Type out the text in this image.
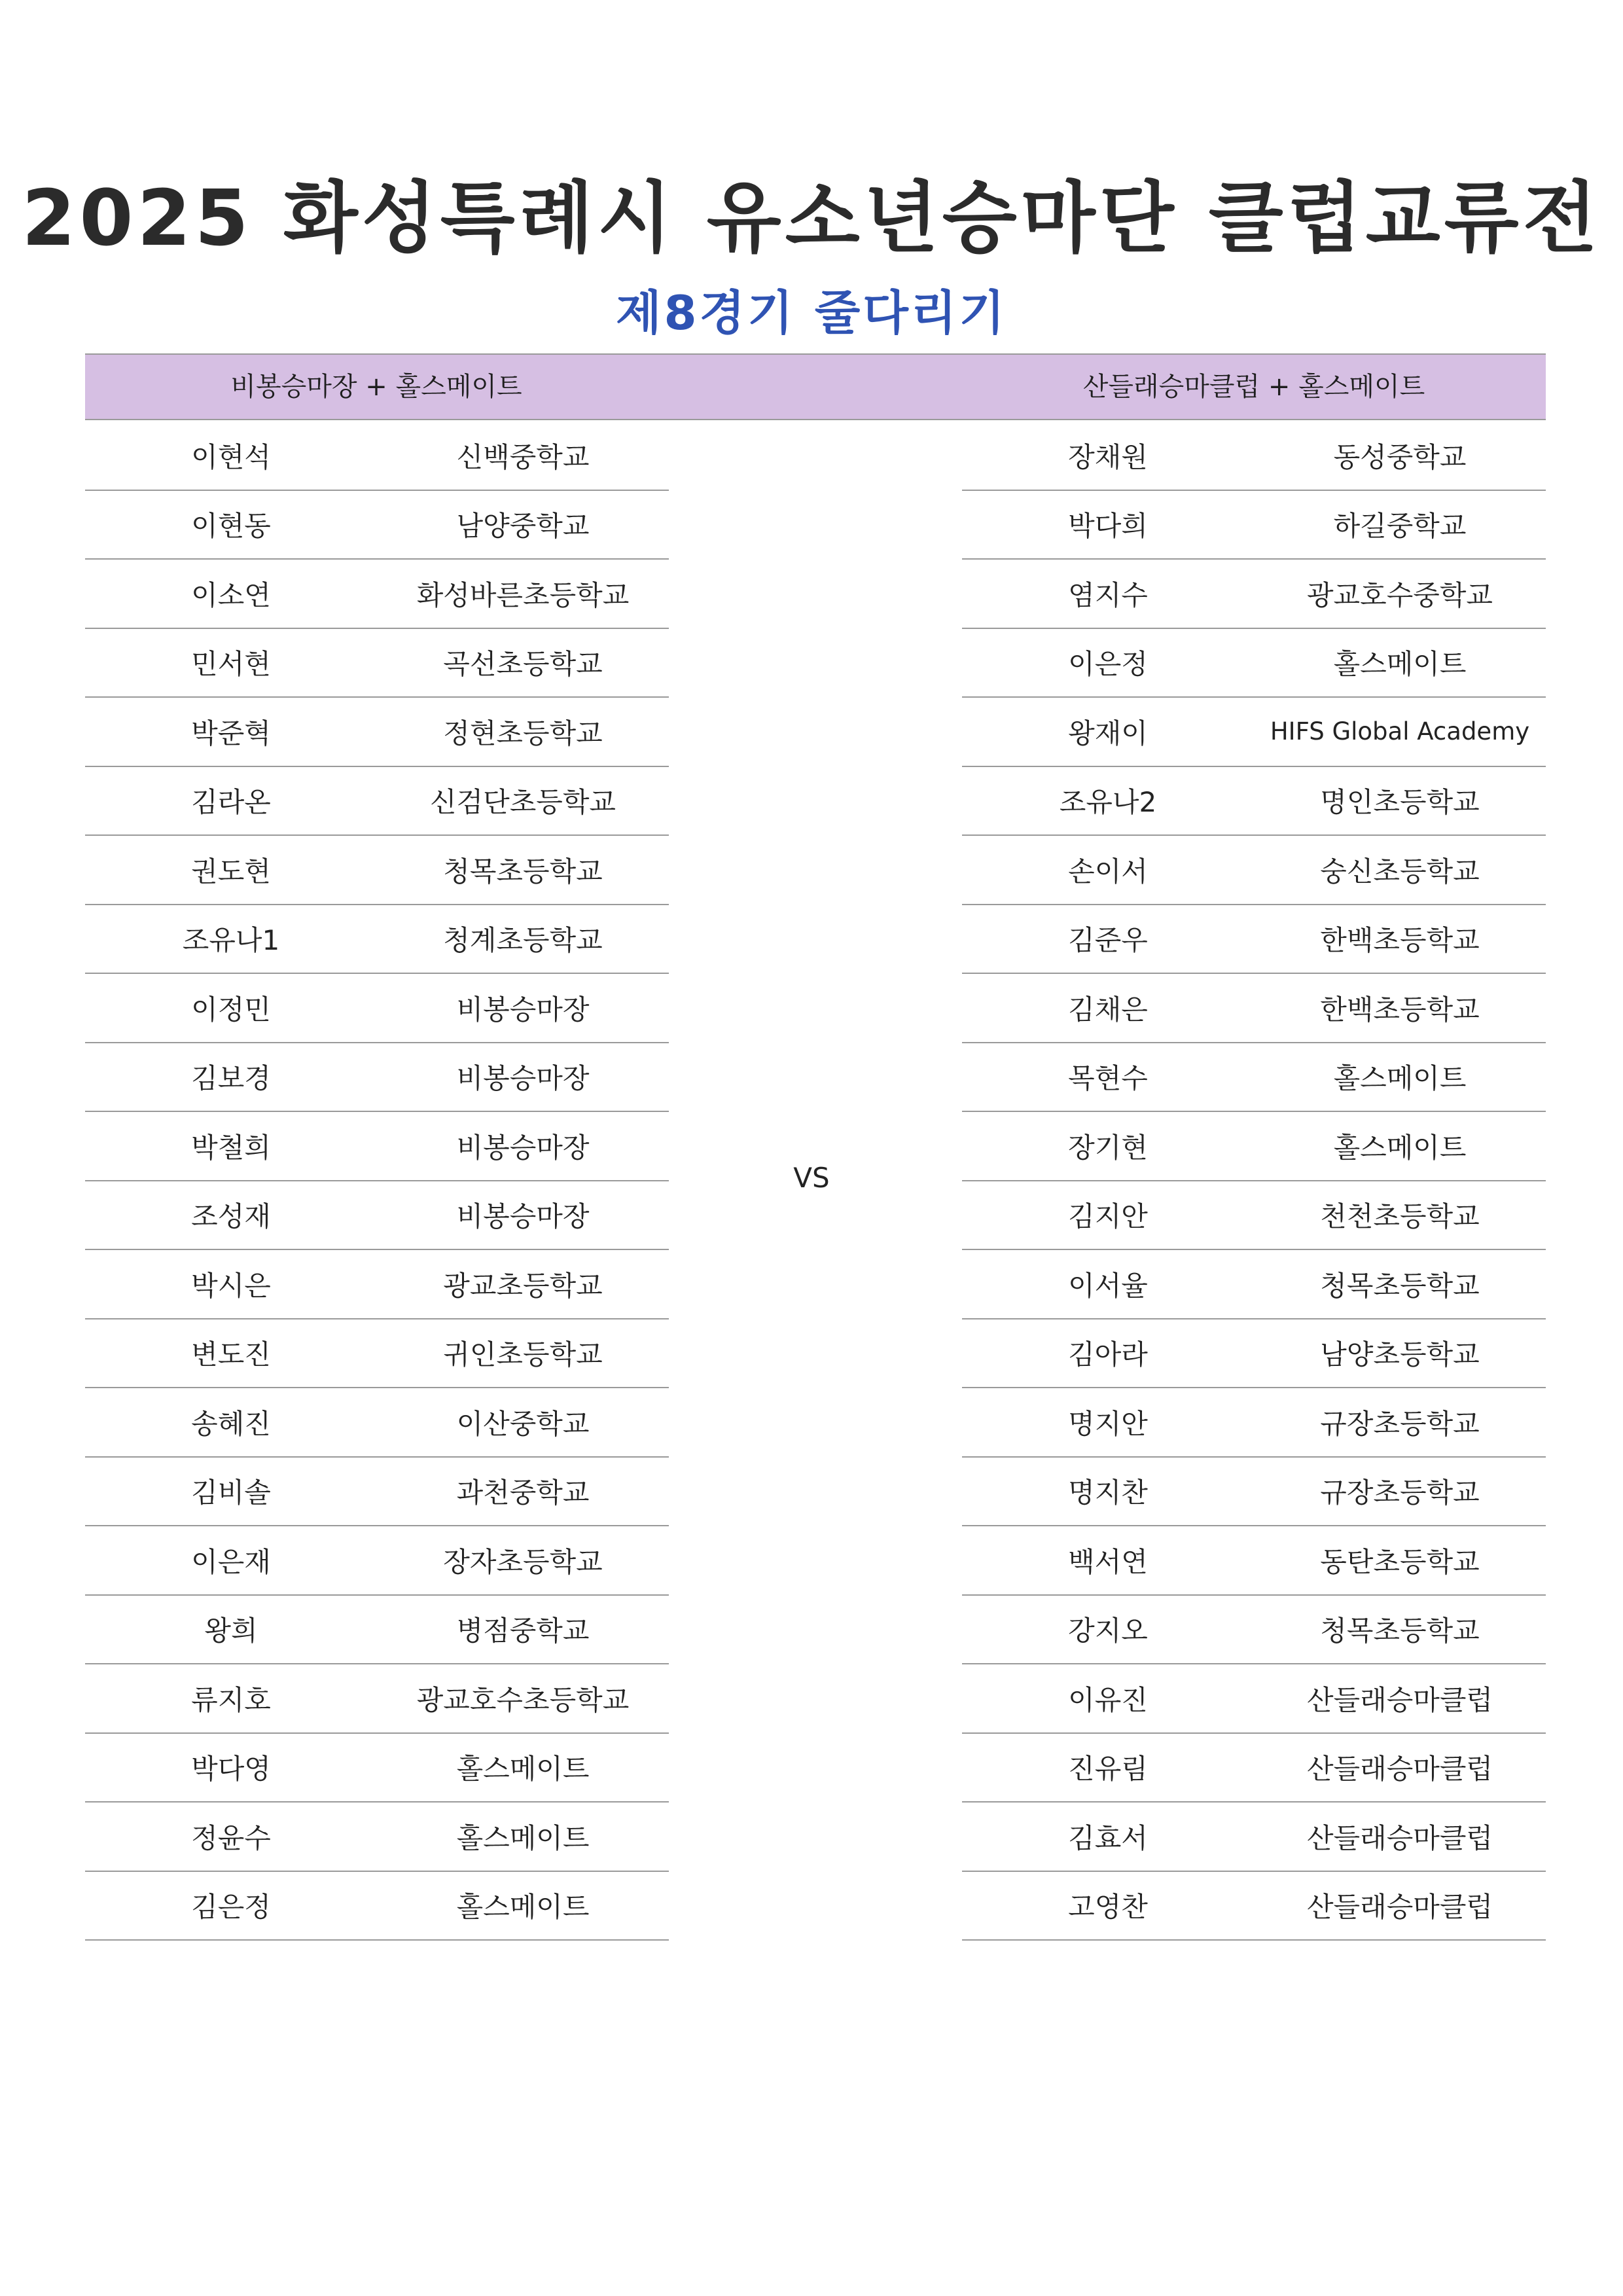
2025 화성특례시 유소년승마단 클럽교류전
제8경기 줄다리기
비봉승마장 + 홀스메이트	산들래승마클럽 + 홀스메이트
이현석	신백중학교
이현동	남양중학교
이소연	화성바른초등학교
민서현	곡선초등학교
박준혁	정현초등학교
김라온	신검단초등학교
권도현	청목초등학교
조유나1	청계초등학교
이정민	비봉승마장
김보경	비봉승마장
박철희	비봉승마장
조성재	비봉승마장
박시은	광교초등학교
변도진	귀인초등학교
송혜진	이산중학교
김비솔	과천중학교
이은재	장자초등학교
왕희	병점중학교
류지호	광교호수초등학교
박다영	홀스메이트
정윤수	홀스메이트
김은정	홀스메이트
VS
장채원	동성중학교
박다희	하길중학교
염지수	광교호수중학교
이은정	홀스메이트
왕재이	HIFS Global Academy
조유나2	명인초등학교
손이서	숭신초등학교
김준우	한백초등학교
김채은	한백초등학교
목현수	홀스메이트
장기현	홀스메이트
김지안	천천초등학교
이서율	청목초등학교
김아라	남양초등학교
명지안	규장초등학교
명지찬	규장초등학교
백서연	동탄초등학교
강지오	청목초등학교
이유진	산들래승마클럽
진유림	산들래승마클럽
김효서	산들래승마클럽
고영찬	산들래승마클럽
